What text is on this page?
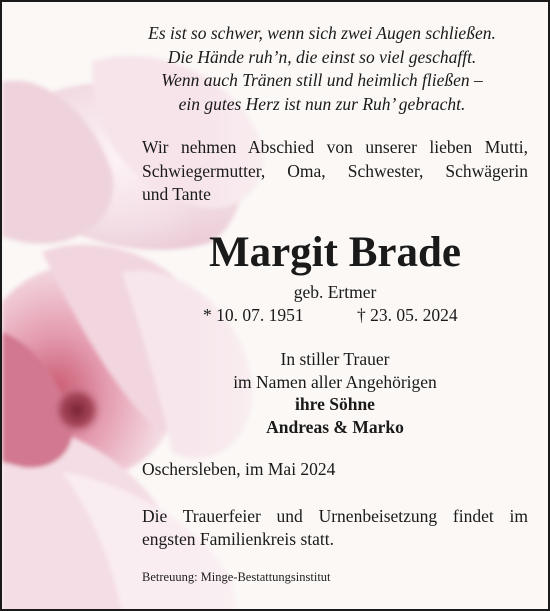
Es ist so schwer, wenn sich zwei Augen schließen.
Die Hände ruh’n, die einst so viel geschafft.
Wenn auch Tränen still und heimlich fließen –
ein gutes Herz ist nun zur Ruh’ gebracht.
Wir nehmen Abschied von unserer lieben Mutti,
Schwiegermutter, Oma, Schwester, Schwägerin
und Tante
Margit Brade
geb. Ertmer
* 10. 07. 1951	† 23. 05. 2024
In stiller Trauer
im Namen aller Angehörigen
ihre Söhne
Andreas & Marko
Oschersleben, im Mai 2024
Die Trauerfeier und Urnenbeisetzung findet im
engsten Familienkreis statt.
Betreuung: Minge-Bestattungsinstitut
